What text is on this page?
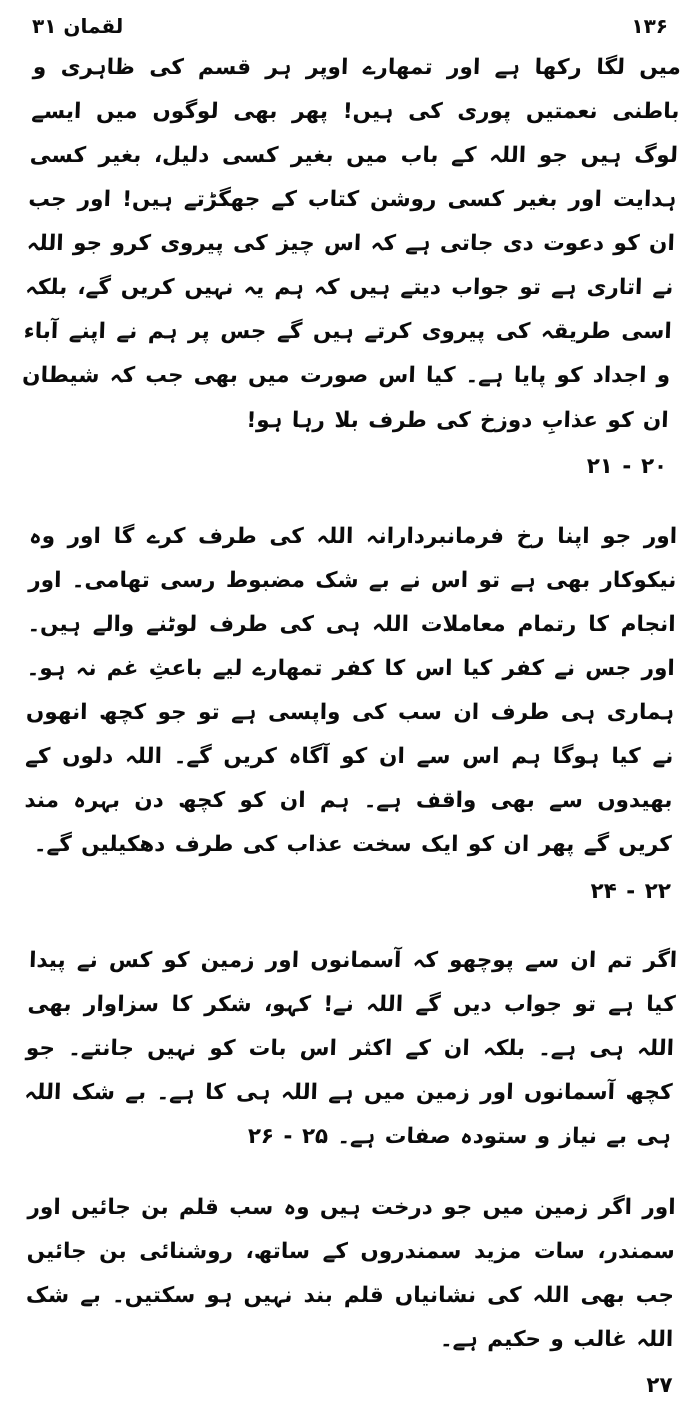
۱۳۶
لقمان ۳۱

میں لگا رکھا ہے اور تمھارے اوپر ہر قسم کی ظاہری و باطنی نعمتیں پوری کی ہیں! پھر بھی لوگوں میں ایسے لوگ ہیں جو اللہ کے باب میں بغیر کسی دلیل، بغیر کسی ہدایت اور بغیر کسی روشن کتاب کے جھگڑتے ہیں! اور جب ان کو دعوت دی جاتی ہے کہ اس چیز کی پیروی کرو جو اللہ نے اتاری ہے تو جواب دیتے ہیں کہ ہم یہ نہیں کریں گے، بلکہ اسی طریقہ کی پیروی کرتے ہیں گے جس پر ہم نے اپنے آباء و اجداد کو پایا ہے۔ کیا اس صورت میں بھی جب کہ شیطان ان کو عذابِ دوزخ کی طرف بلا رہا ہو!
۲۰ - ۲۱

اور جو اپنا رخ فرمانبردارانہ اللہ کی طرف کرے گا اور وہ نیکوکار بھی ہے تو اس نے بے شک مضبوط رسی تھامی۔ اور انجام کا رتمام معاملات اللہ ہی کی طرف لوٹنے والے ہیں۔ اور جس نے کفر کیا اس کا کفر تمھارے لیے باعثِ غم نہ ہو۔ ہماری ہی طرف ان سب کی واپسی ہے تو جو کچھ انھوں نے کیا ہوگا ہم اس سے ان کو آگاہ کریں گے۔ اللہ دلوں کے بھیدوں سے بھی واقف ہے۔ ہم ان کو کچھ دن بہرہ مند کریں گے پھر ان کو ایک سخت عذاب کی طرف دھکیلیں گے۔
۲۲ - ۲۴

اگر تم ان سے پوچھو کہ آسمانوں اور زمین کو کس نے پیدا کیا ہے تو جواب دیں گے اللہ نے! کہو، شکر کا سزاوار بھی اللہ ہی ہے۔ بلکہ ان کے اکثر اس بات کو نہیں جانتے۔ جو کچھ آسمانوں اور زمین میں ہے اللہ ہی کا ہے۔ بے شک اللہ ہی بے نیاز و ستودہ صفات ہے۔ ۲۵ - ۲۶

اور اگر زمین میں جو درخت ہیں وہ سب قلم بن جائیں اور سمندر، سات مزید سمندروں کے ساتھ، روشنائی بن جائیں جب بھی اللہ کی نشانیاں قلم بند نہیں ہو سکتیں۔ بے شک اللہ غالب و حکیم ہے۔
۲۷
